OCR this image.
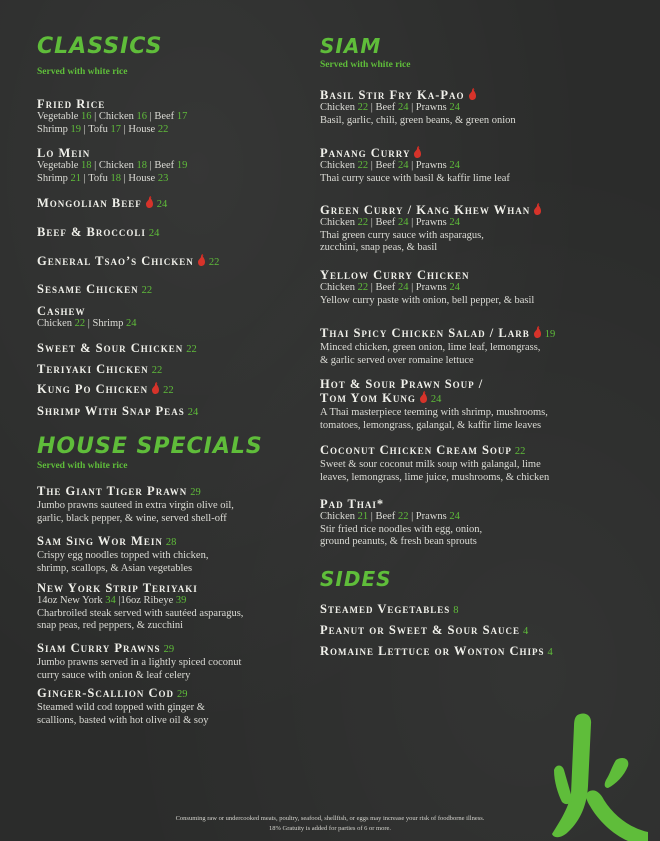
CLASSICS
Served with white rice
Fried Rice
Vegetable 16 | Chicken 16 | Beef 17
Shrimp 19 | Tofu 17 | House 22
Lo Mein
Vegetable 18 | Chicken 18 | Beef 19
Shrimp 21 | Tofu 18 | House 23
Mongolian Beef 24
Beef & Broccoli 24
General Tsao’s Chicken 22
Sesame Chicken 22
Cashew
Chicken 22 | Shrimp 24
Sweet & Sour Chicken 22
Teriyaki Chicken 22
Kung Po Chicken 22
Shrimp With Snap Peas 24
HOUSE SPECIALS
Served with white rice
The Giant Tiger Prawn 29
Jumbo prawns sauteed in extra virgin olive oil,
garlic, black pepper, & wine, served shell-off
Sam Sing Wor Mein 28
Crispy egg noodles topped with chicken,
shrimp, scallops, & Asian vegetables
New York Strip Teriyaki
14oz New York 34 |16oz Ribeye 39
Charbroiled steak served with sautéed asparagus,
snap peas, red peppers, & zucchini
Siam Curry Prawns 29
Jumbo prawns served in a lightly spiced coconut
curry sauce with onion & leaf celery
Ginger-Scallion Cod 29
Steamed wild cod topped with ginger &
scallions, basted with hot olive oil & soy
SIAM
Served with white rice
Basil Stir Fry Ka-Pao
Chicken 22 | Beef 24 | Prawns 24
Basil, garlic, chili, green beans, & green onion
Panang Curry
Chicken 22 | Beef 24 | Prawns 24
Thai curry sauce with basil & kaffir lime leaf
Green Curry / Kang Khew Whan
Chicken 22 | Beef 24 | Prawns 24
Thai green curry sauce with asparagus,
zucchini, snap peas, & basil
Yellow Curry Chicken
Chicken 22 | Beef 24 | Prawns 24
Yellow curry paste with onion, bell pepper, & basil
Thai Spicy Chicken Salad / Larb 19
Minced chicken, green onion, lime leaf, lemongrass,
& garlic served over romaine lettuce
Hot & Sour Prawn Soup /
Tom Yom Kung 24
A Thai masterpiece teeming with shrimp, mushrooms,
tomatoes, lemongrass, galangal, & kaffir lime leaves
Coconut Chicken Cream Soup 22
Sweet & sour coconut milk soup with galangal, lime
leaves, lemongrass, lime juice, mushrooms, & chicken
Pad Thai*
Chicken 21 | Beef 22 | Prawns 24
Stir fried rice noodles with egg, onion,
ground peanuts, & fresh bean sprouts
SIDES
Steamed Vegetables 8
Peanut or Sweet & Sour Sauce 4
Romaine Lettuce or Wonton Chips 4
Consuming raw or undercooked meats, poultry, seafood, shellfish, or eggs may increase your risk of foodborne illness.
18% Gratuity is added for parties of 6 or more.
